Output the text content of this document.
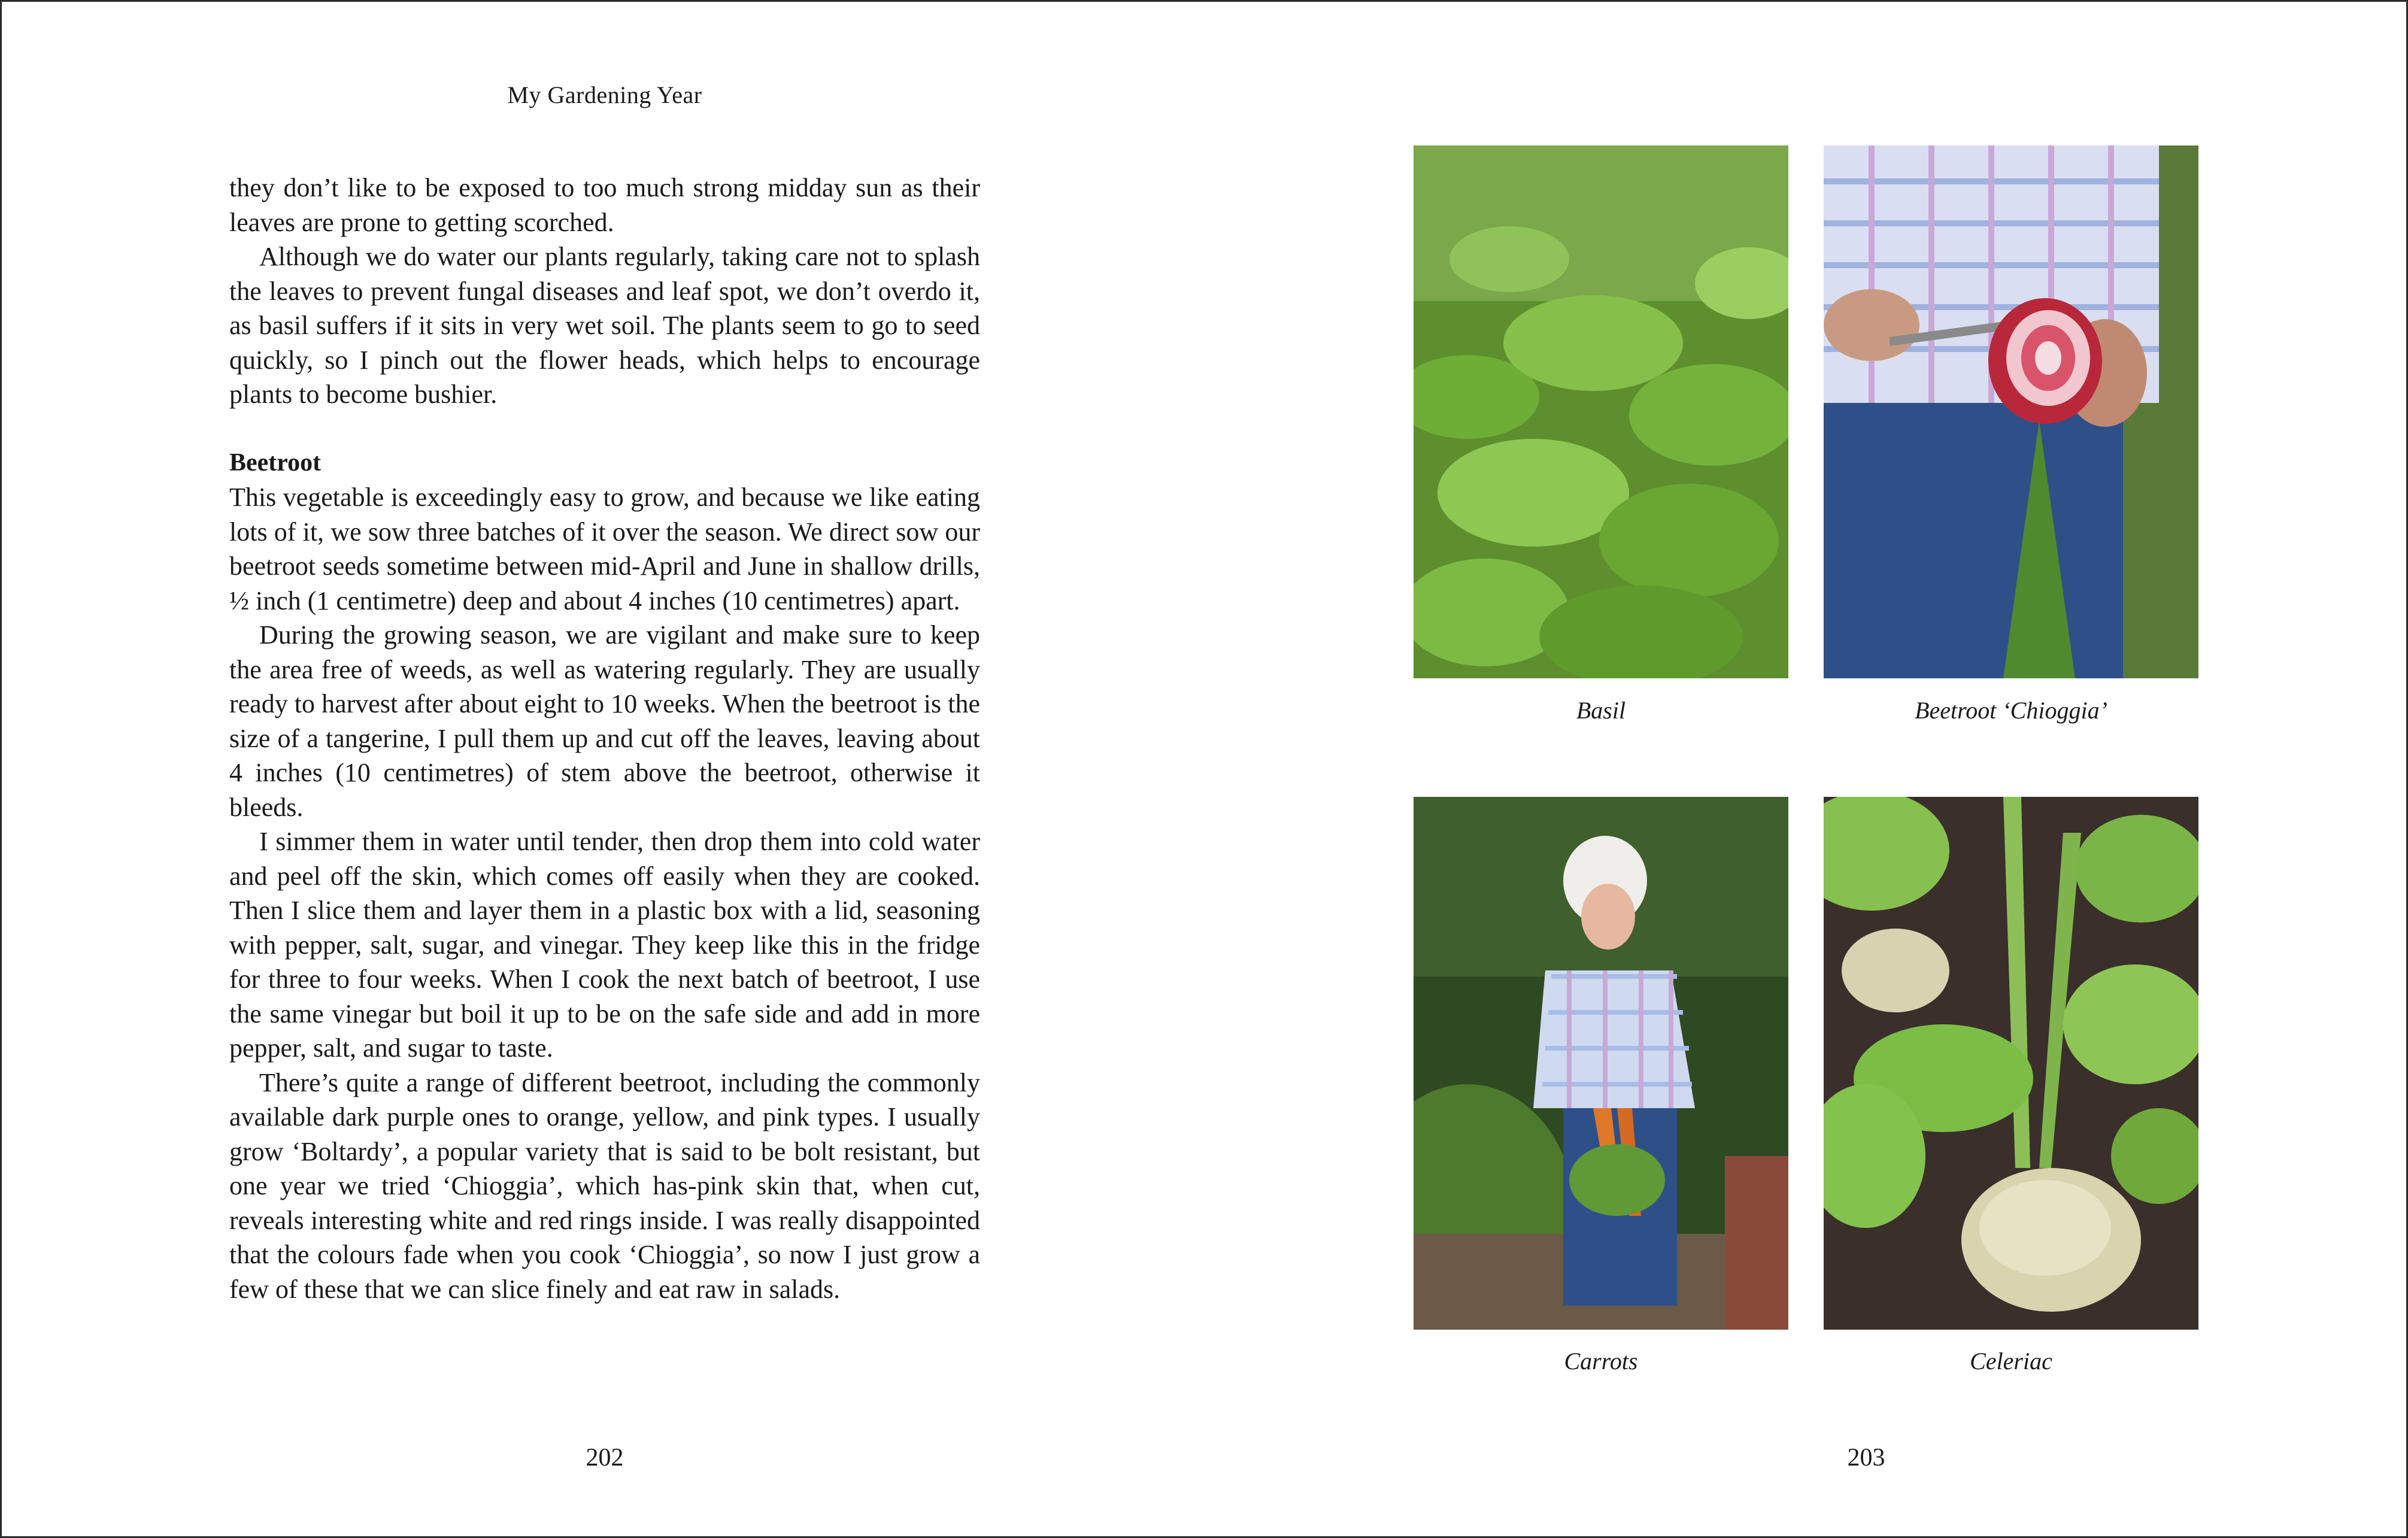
My Gardening Year

they don’t like to be exposed to too much strong midday sun as their leaves are prone to getting scorched.

Although we do water our plants regularly, taking care not to splash the leaves to prevent fungal diseases and leaf spot, we don’t overdo it, as basil suffers if it sits in very wet soil. The plants seem to go to seed quickly, so I pinch out the flower heads, which helps to encourage plants to become bushier.

Beetroot

This vegetable is exceedingly easy to grow, and because we like eating lots of it, we sow three batches of it over the season. We direct sow our beetroot seeds sometime between mid-April and June in shallow drills, ½ inch (1 centimetre) deep and about 4 inches (10 centimetres) apart.

During the growing season, we are vigilant and make sure to keep the area free of weeds, as well as watering regularly. They are usually ready to harvest after about eight to 10 weeks. When the beetroot is the size of a tangerine, I pull them up and cut off the leaves, leaving about 4 inches (10 centimetres) of stem above the beetroot, otherwise it bleeds.

I simmer them in water until tender, then drop them into cold water and peel off the skin, which comes off easily when they are cooked. Then I slice them and layer them in a plastic box with a lid, seasoning with pepper, salt, sugar, and vinegar. They keep like this in the fridge for three to four weeks. When I cook the next batch of beetroot, I use the same vinegar but boil it up to be on the safe side and add in more pepper, salt, and sugar to taste.

There’s quite a range of different beetroot, including the commonly available dark purple ones to orange, yellow, and pink types. I usually grow ‘Boltardy’, a popular variety that is said to be bolt resistant, but one year we tried ‘Chioggia’, which has-pink skin that, when cut, reveals interesting white and red rings inside. I was really disappointed that the colours fade when you cook ‘Chioggia’, so now I just grow a few of these that we can slice finely and eat raw in salads.

202
Basil	Beetroot ‘Chioggia’
Carrots	Celeriac
203
